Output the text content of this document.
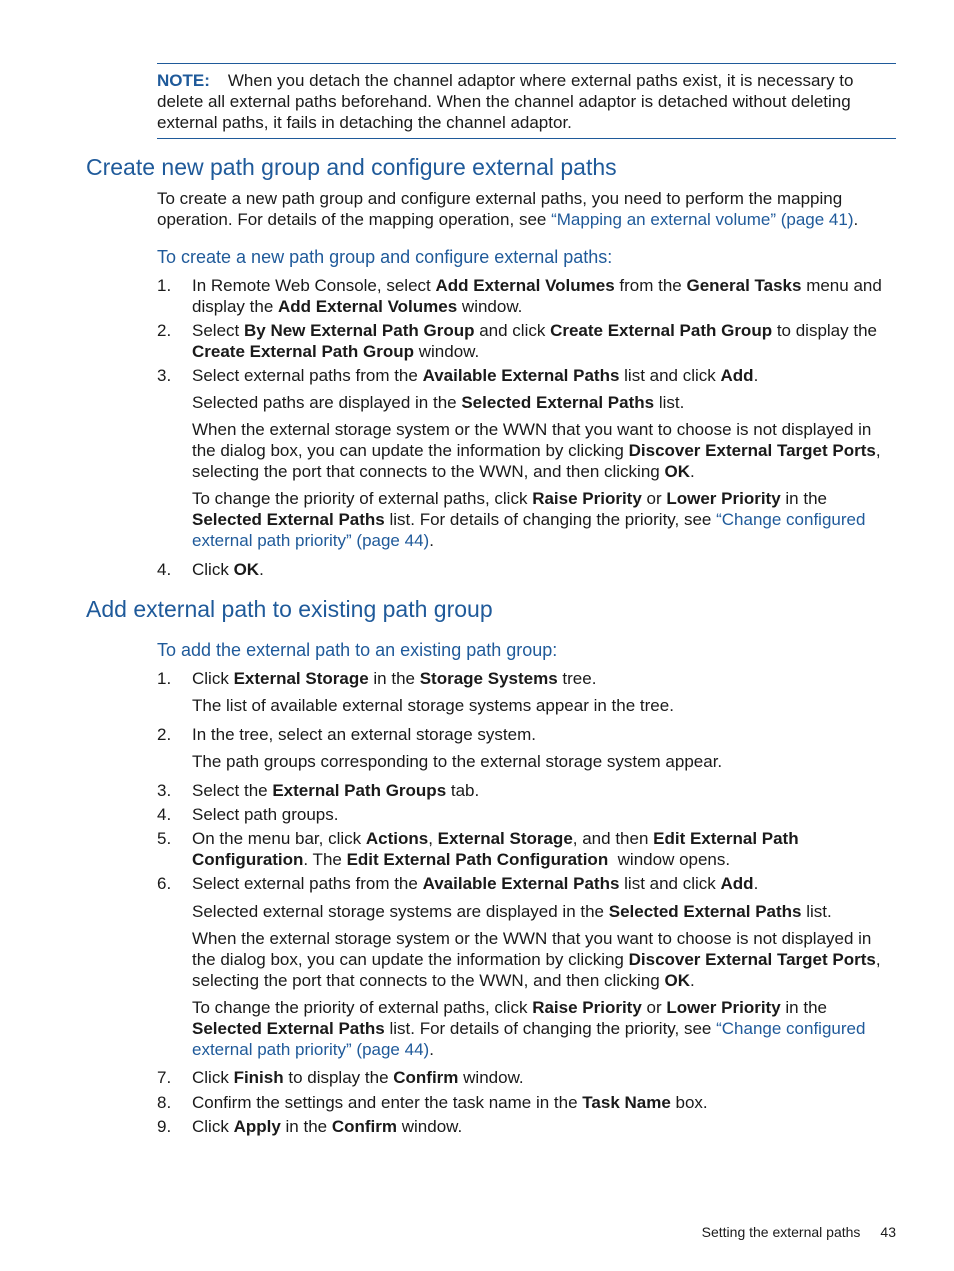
NOTE: When you detach the channel adaptor where external paths exist, it is necessary to delete all external paths beforehand. When the channel adaptor is detached without deleting external paths, it fails in detaching the channel adaptor.
Create new path group and configure external paths

To create a new path group and configure external paths, you need to perform the mapping operation. For details of the mapping operation, see “Mapping an external volume” (page 41).

To create a new path group and configure external paths:
1.	In Remote Web Console, select Add External Volumes from the General Tasks menu and display the Add External Volumes window.
2.	Select By New External Path Group and click Create External Path Group to display the Create External Path Group window.
3.	Select external paths from the Available External Paths list and click Add.
Selected paths are displayed in the Selected External Paths list.
When the external storage system or the WWN that you want to choose is not displayed in the dialog box, you can update the information by clicking Discover External Target Ports, selecting the port that connects to the WWN, and then clicking OK.
To change the priority of external paths, click Raise Priority or Lower Priority in the Selected External Paths list. For details of changing the priority, see “Change configured external path priority” (page 44).
4.	Click OK.
Add external path to existing path group
To add the external path to an existing path group:
1.	Click External Storage in the Storage Systems tree.
The list of available external storage systems appear in the tree.
2.	In the tree, select an external storage system.
The path groups corresponding to the external storage system appear.
3.	Select the External Path Groups tab.
4.	Select path groups.
5.	On the menu bar, click Actions, External Storage, and then Edit External Path Configuration. The Edit External Path Configuration  window opens.
6.	Select external paths from the Available External Paths list and click Add.
Selected external storage systems are displayed in the Selected External Paths list.
When the external storage system or the WWN that you want to choose is not displayed in the dialog box, you can update the information by clicking Discover External Target Ports, selecting the port that connects to the WWN, and then clicking OK.
To change the priority of external paths, click Raise Priority or Lower Priority in the Selected External Paths list. For details of changing the priority, see “Change configured external path priority” (page 44).
7.	Click Finish to display the Confirm window.
8.	Confirm the settings and enter the task name in the Task Name box.
9.	Click Apply in the Confirm window.
Setting the external paths 43
